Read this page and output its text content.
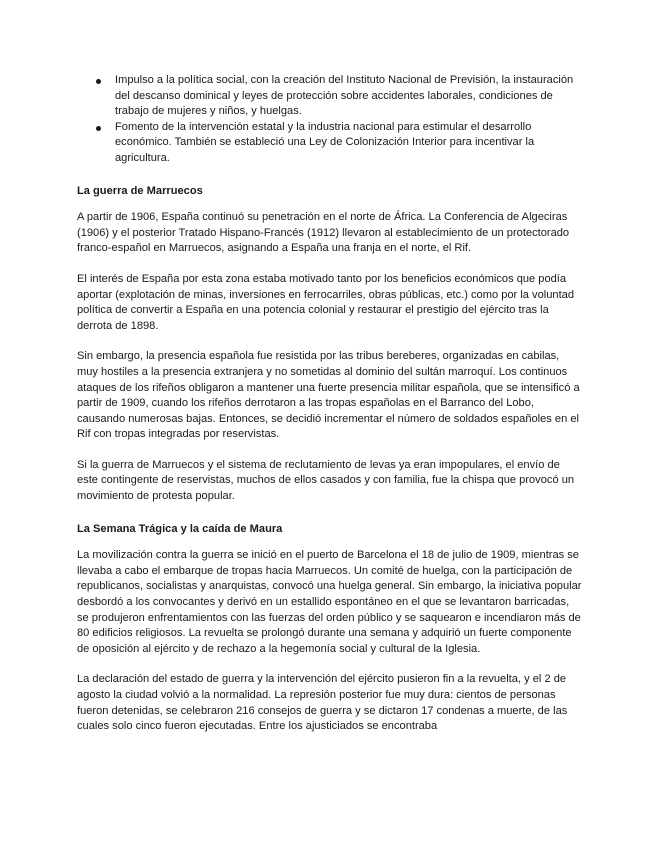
Impulso a la política social, con la creación del Instituto Nacional de Previsión, la instauración del descanso dominical y leyes de protección sobre accidentes laborales, condiciones de trabajo de mujeres y niños, y huelgas.
Fomento de la intervención estatal y la industria nacional para estimular el desarrollo económico. También se estableció una Ley de Colonización Interior para incentivar la agricultura.
La guerra de Marruecos

A partir de 1906, España continuó su penetración en el norte de África. La Conferencia de Algeciras (1906) y el posterior Tratado Hispano-Francés (1912) llevaron al establecimiento de un protectorado franco-español en Marruecos, asignando a España una franja en el norte, el Rif.

El interés de España por esta zona estaba motivado tanto por los beneficios económicos que podía aportar (explotación de minas, inversiones en ferrocarriles, obras públicas, etc.) como por la voluntad política de convertir a España en una potencia colonial y restaurar el prestigio del ejército tras la derrota de 1898.

Sin embargo, la presencia española fue resistida por las tribus bereberes, organizadas en cabilas, muy hostiles a la presencia extranjera y no sometidas al dominio del sultán marroquí. Los continuos ataques de los rifeños obligaron a mantener una fuerte presencia militar española, que se intensificó a partir de 1909, cuando los rifeños derrotaron a las tropas españolas en el Barranco del Lobo, causando numerosas bajas. Entonces, se decidió incrementar el número de soldados españoles en el Rif con tropas integradas por reservistas.

Si la guerra de Marruecos y el sistema de reclutamiento de levas ya eran impopulares, el envío de este contingente de reservistas, muchos de ellos casados y con familia, fue la chispa que provocó un movimiento de protesta popular.

La Semana Trágica y la caída de Maura

La movilización contra la guerra se inició en el puerto de Barcelona el 18 de julio de 1909, mientras se llevaba a cabo el embarque de tropas hacia Marruecos. Un comité de huelga, con la participación de republicanos, socialistas y anarquistas, convocó una huelga general. Sin embargo, la iniciativa popular desbordó a los convocantes y derivó en un estallido espontáneo en el que se levantaron barricadas, se produjeron enfrentamientos con las fuerzas del orden público y se saquearon e incendiaron más de 80 edificios religiosos. La revuelta se prolongó durante una semana y adquirió un fuerte componente de oposición al ejército y de rechazo a la hegemonía social y cultural de la Iglesia.

La declaración del estado de guerra y la intervención del ejército pusieron fin a la revuelta, y el 2 de agosto la ciudad volvió a la normalidad. La represión posterior fue muy dura: cientos de personas fueron detenidas, se celebraron 216 consejos de guerra y se dictaron 17 condenas a muerte, de las cuales solo cinco fueron ejecutadas. Entre los ajusticiados se encontraba
